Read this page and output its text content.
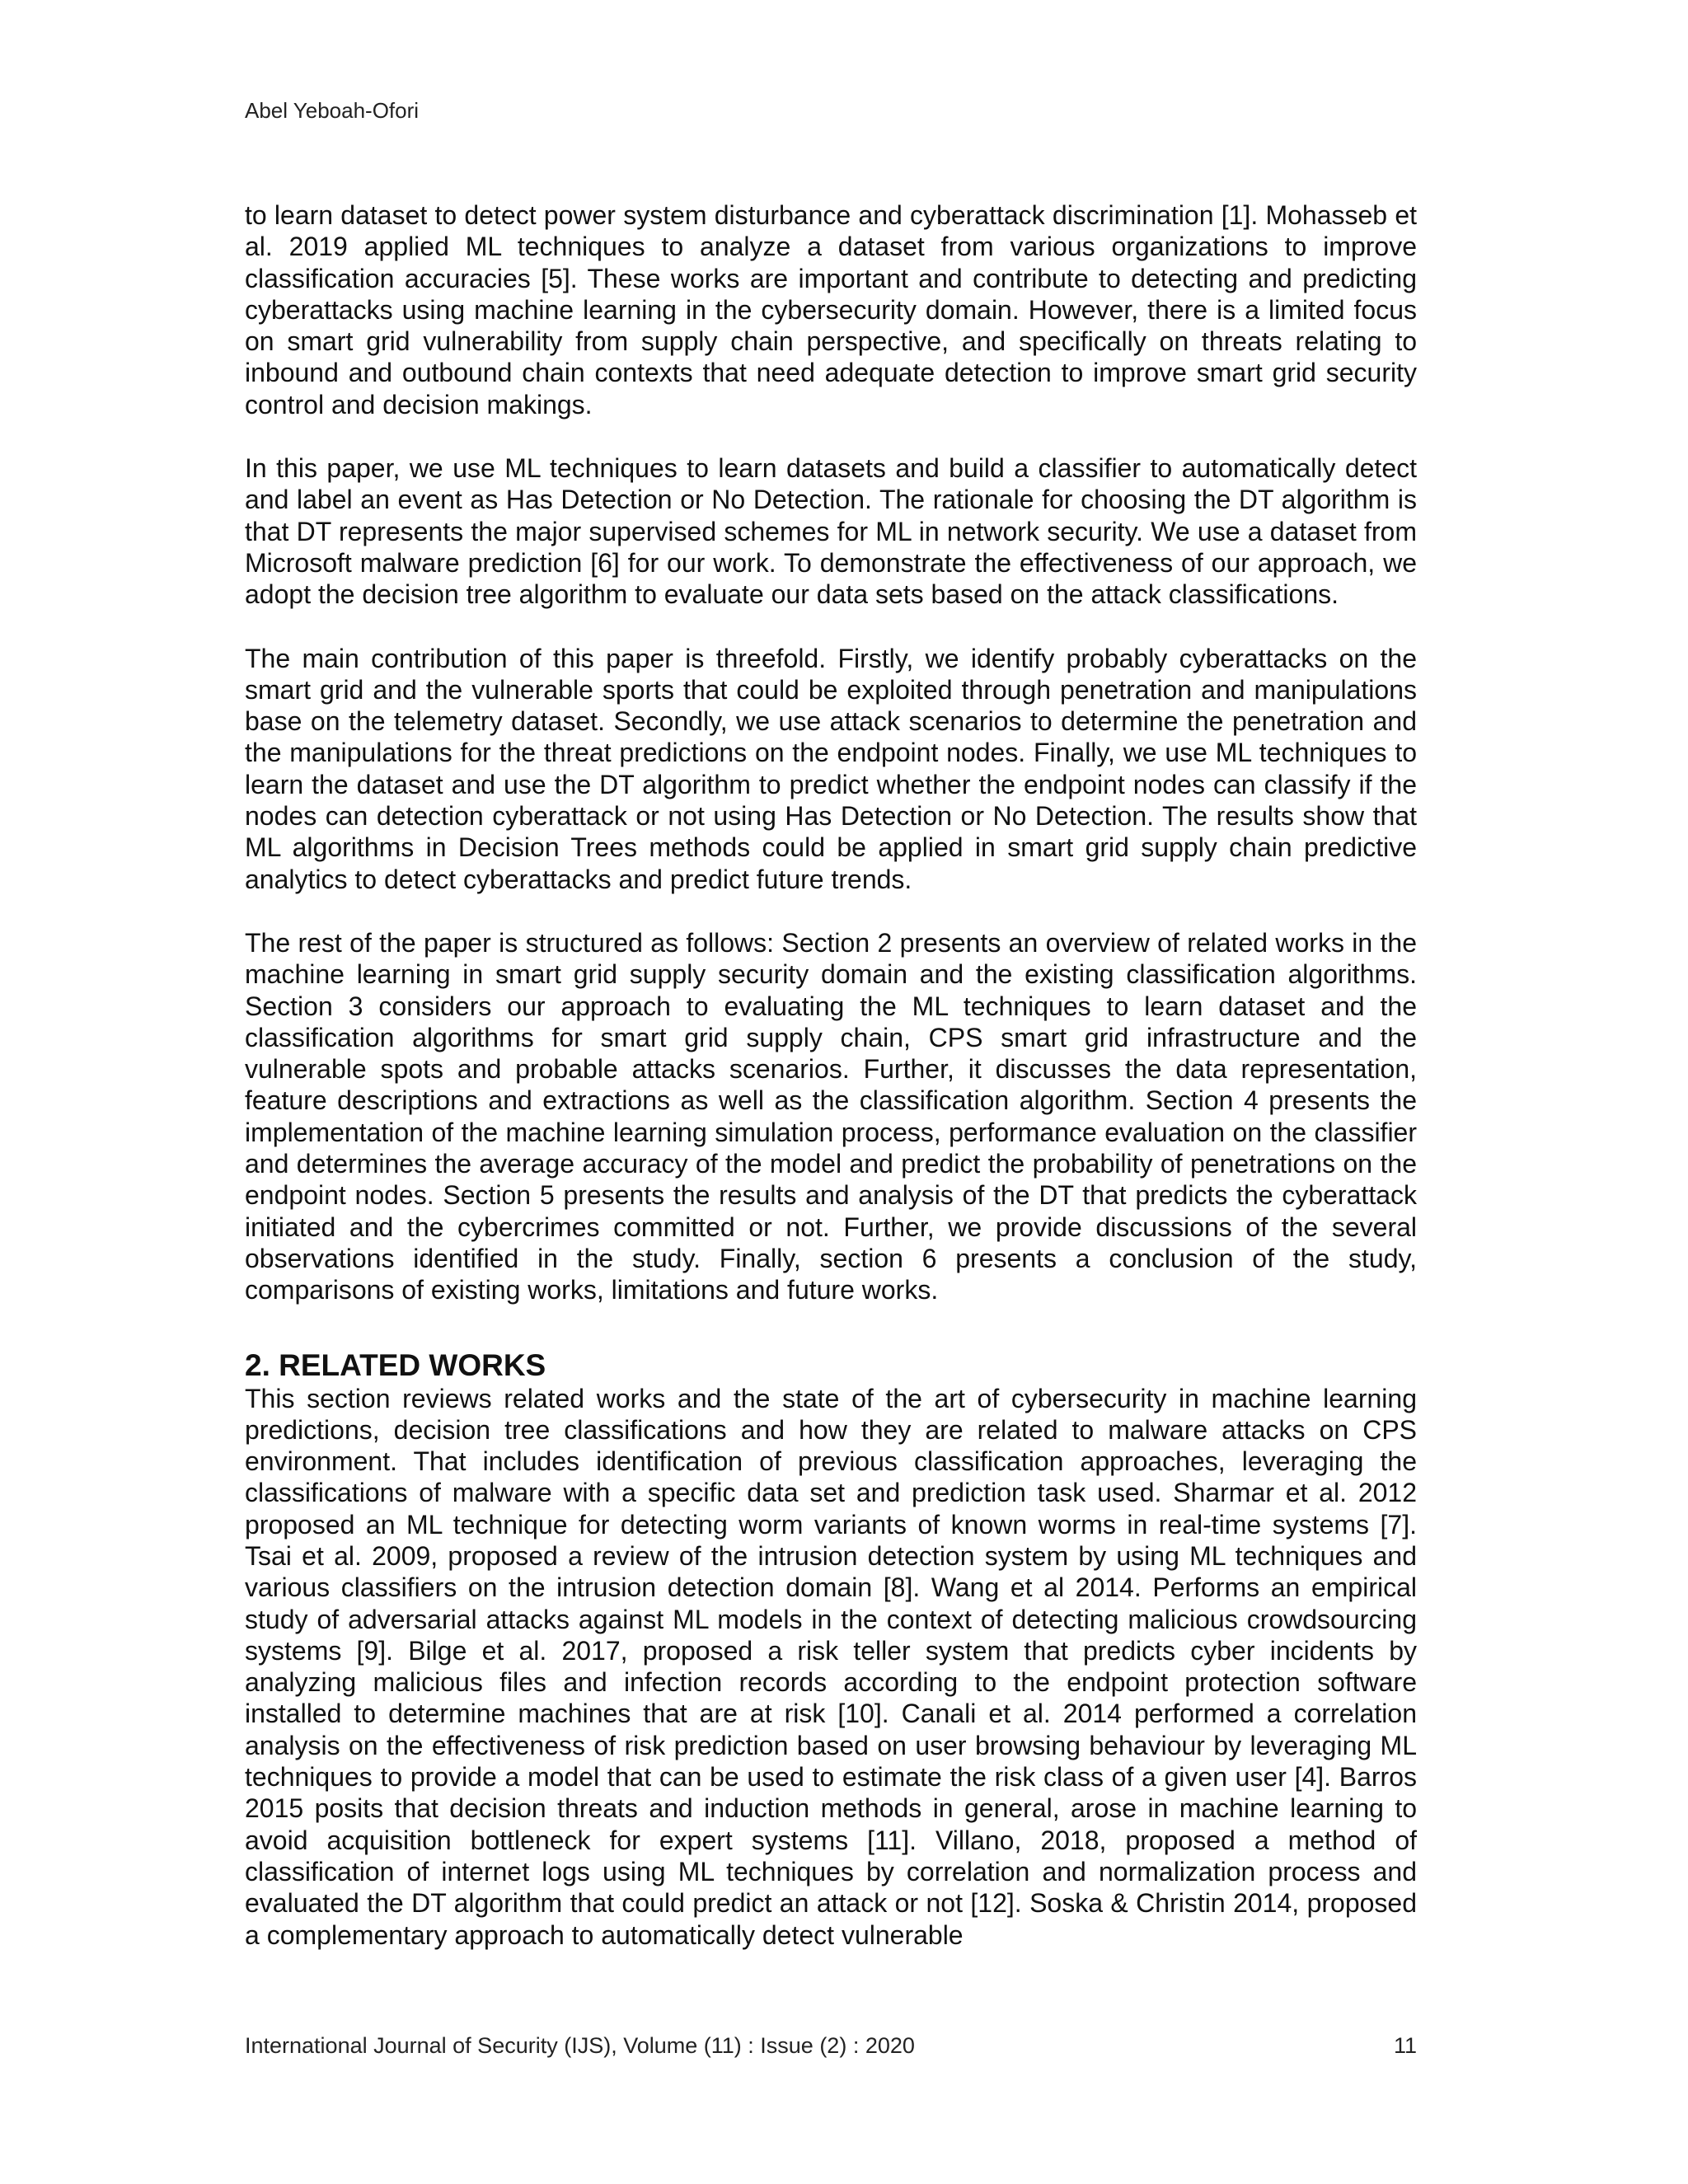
Abel Yeboah-Ofori

to learn dataset to detect power system disturbance and cyberattack discrimination [1]. Mohasseb et al. 2019 applied ML techniques to analyze a dataset from various organizations to improve classification accuracies [5]. These works are important and contribute to detecting and predicting cyberattacks using machine learning in the cybersecurity domain. However, there is a limited focus on smart grid vulnerability from supply chain perspective, and specifically on threats relating to inbound and outbound chain contexts that need adequate detection to improve smart grid security control and decision makings.

In this paper, we use ML techniques to learn datasets and build a classifier to automatically detect and label an event as Has Detection or No Detection. The rationale for choosing the DT algorithm is that DT represents the major supervised schemes for ML in network security. We use a dataset from Microsoft malware prediction [6] for our work. To demonstrate the effectiveness of our approach, we adopt the decision tree algorithm to evaluate our data sets based on the attack classifications.

The main contribution of this paper is threefold. Firstly, we identify probably cyberattacks on the smart grid and the vulnerable sports that could be exploited through penetration and manipulations base on the telemetry dataset. Secondly, we use attack scenarios to determine the penetration and the manipulations for the threat predictions on the endpoint nodes. Finally, we use ML techniques to learn the dataset and use the DT algorithm to predict whether the endpoint nodes can classify if the nodes can detection cyberattack or not using Has Detection or No Detection. The results show that ML algorithms in Decision Trees methods could be applied in smart grid supply chain predictive analytics to detect cyberattacks and predict future trends.

The rest of the paper is structured as follows: Section 2 presents an overview of related works in the machine learning in smart grid supply security domain and the existing classification algorithms. Section 3 considers our approach to evaluating the ML techniques to learn dataset and the classification algorithms for smart grid supply chain, CPS smart grid infrastructure and the vulnerable spots and probable attacks scenarios. Further, it discusses the data representation, feature descriptions and extractions as well as the classification algorithm. Section 4 presents the implementation of the machine learning simulation process, performance evaluation on the classifier and determines the average accuracy of the model and predict the probability of penetrations on the endpoint nodes. Section 5 presents the results and analysis of the DT that predicts the cyberattack initiated and the cybercrimes committed or not. Further, we provide discussions of the several observations identified in the study. Finally, section 6 presents a conclusion of the study, comparisons of existing works, limitations and future works.

2. RELATED WORKS

This section reviews related works and the state of the art of cybersecurity in machine learning predictions, decision tree classifications and how they are related to malware attacks on CPS environment. That includes identification of previous classification approaches, leveraging the classifications of malware with a specific data set and prediction task used. Sharmar et al. 2012 proposed an ML technique for detecting worm variants of known worms in real-time systems [7]. Tsai et al. 2009, proposed a review of the intrusion detection system by using ML techniques and various classifiers on the intrusion detection domain [8]. Wang et al 2014. Performs an empirical study of adversarial attacks against ML models in the context of detecting malicious crowdsourcing systems [9]. Bilge et al. 2017, proposed a risk teller system that predicts cyber incidents by analyzing malicious files and infection records according to the endpoint protection software installed to determine machines that are at risk [10]. Canali et al. 2014 performed a correlation analysis on the effectiveness of risk prediction based on user browsing behaviour by leveraging ML techniques to provide a model that can be used to estimate the risk class of a given user [4]. Barros 2015 posits that decision threats and induction methods in general, arose in machine learning to avoid acquisition bottleneck for expert systems [11]. Villano, 2018, proposed a method of classification of internet logs using ML techniques by correlation and normalization process and evaluated the DT algorithm that could predict an attack or not [12]. Soska & Christin 2014, proposed a complementary approach to automatically detect vulnerable

International Journal of Security (IJS), Volume (11) : Issue (2) : 2020	11
